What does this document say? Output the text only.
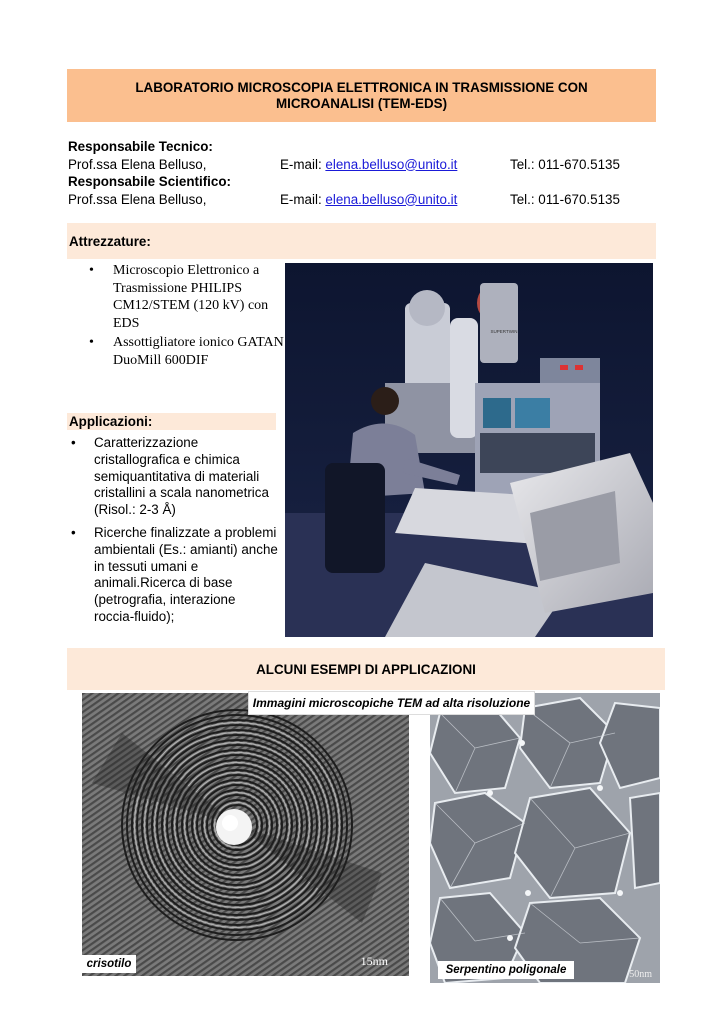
LABORATORIO MICROSCOPIA ELETTRONICA IN TRASMISSIONE CON MICROANALISI (TEM-EDS)
Responsabile Tecnico:
Prof.ssa Elena Belluso,	E-mail: elena.belluso@unito.it	Tel.: 011-670.5135
Responsabile Scientifico:
Prof.ssa Elena Belluso,	E-mail: elena.belluso@unito.it	Tel.: 011-670.5135
Attrezzature:
• Microscopio Elettronico a Trasmissione PHILIPS CM12/STEM (120 kV) con EDS
• Assottigliatore ionico GATAN DuoMill 600DIF
Applicazioni:
• Caratterizzazione cristallografica e chimica semiquantitativa di materiali cristallini a scala nanometrica (Risol.: 2-3 Å)
• Ricerche finalizzate a problemi ambientali (Es.: amianti) anche in tessuti umani e animali.Ricerca di base (petrografia, interazione roccia-fluido);
SUPERTWIN
ALCUNI ESEMPI DI APPLICAZIONI
15nm
50nm
Immagini microscopiche TEM ad alta risoluzione
crisotilo	Serpentino poligonale
